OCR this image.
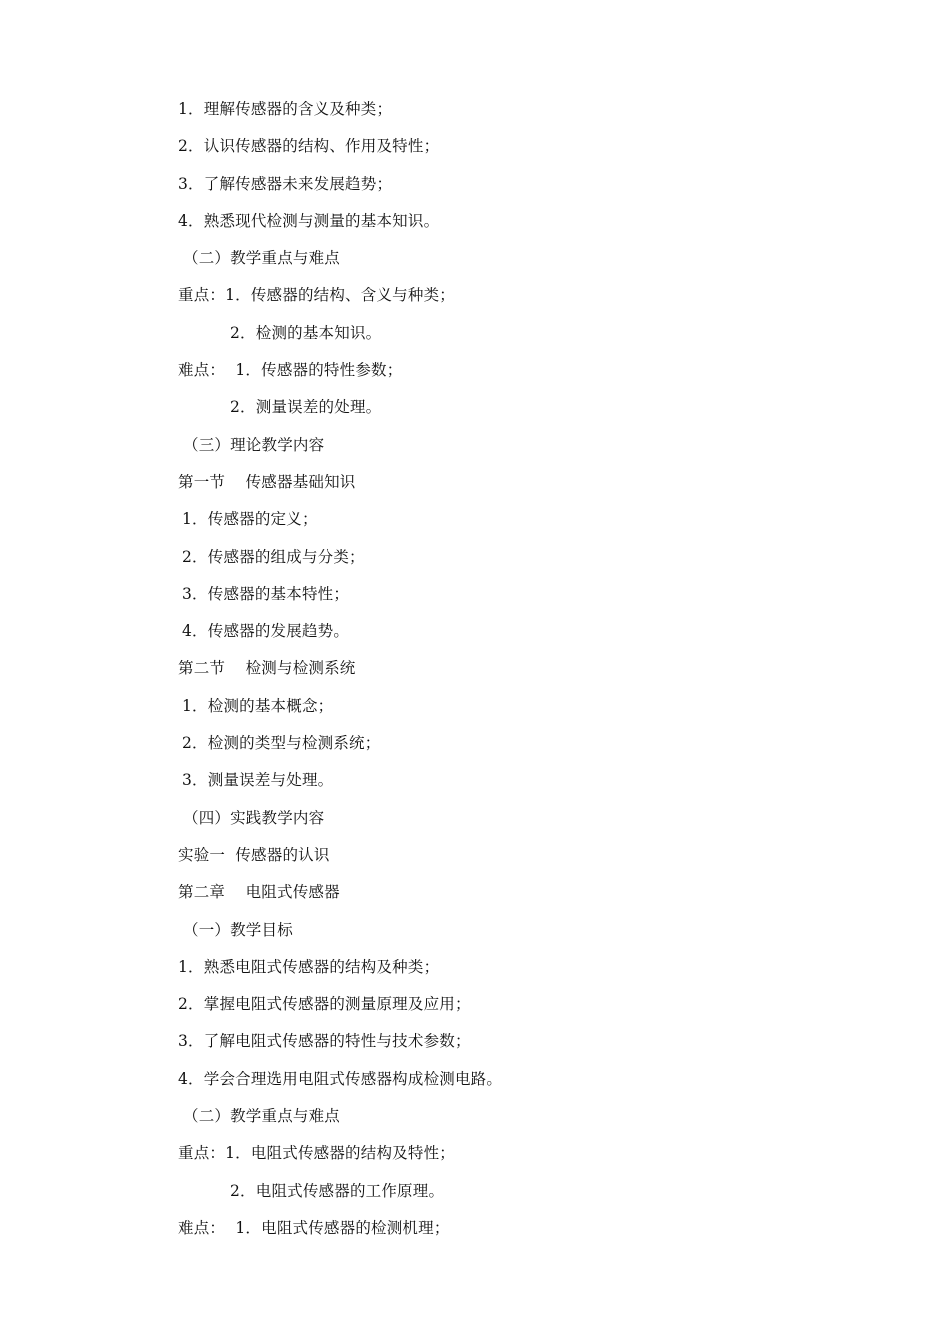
1．理解传感器的含义及种类；
2．认识传感器的结构、作用及特性；
3．了解传感器未来发展趋势；
4．熟悉现代检测与测量的基本知识。
（二）教学重点与难点
重点：1．传感器的结构、含义与种类；
2．检测的基本知识。
难点：  1．传感器的特性参数；
2．测量误差的处理。
（三）理论教学内容
第一节    传感器基础知识
1．传感器的定义；
2．传感器的组成与分类；
3．传感器的基本特性；
4．传感器的发展趋势。
第二节    检测与检测系统
1．检测的基本概念；
2．检测的类型与检测系统；
3．测量误差与处理。
（四）实践教学内容
实验一  传感器的认识
第二章    电阻式传感器
（一）教学目标
1．熟悉电阻式传感器的结构及种类；
2．掌握电阻式传感器的测量原理及应用；
3．了解电阻式传感器的特性与技术参数；
4．学会合理选用电阻式传感器构成检测电路。
（二）教学重点与难点
重点：1．电阻式传感器的结构及特性；
2．电阻式传感器的工作原理。
难点：  1．电阻式传感器的检测机理；
